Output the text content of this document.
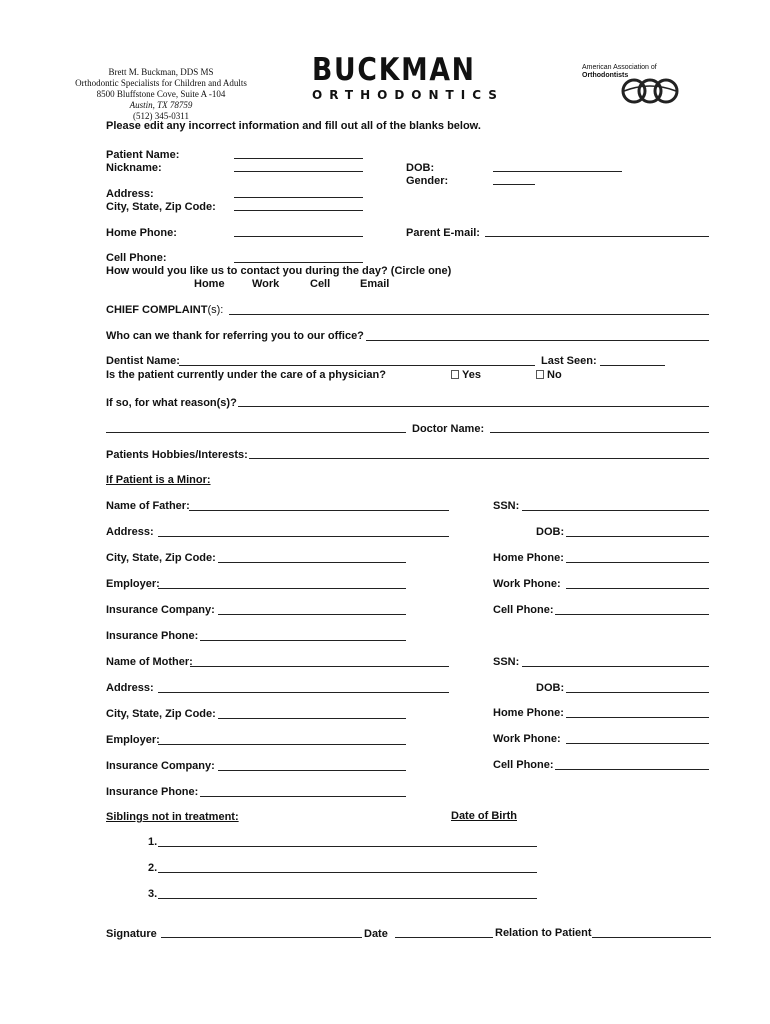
Brett M. Buckman, DDS MS
Orthodontic Specialists for Children and Adults
8500 Bluffstone Cove, Suite A -104
Austin, TX 78759
(512) 345-0311
BUCKMAN
ORTHODONTICS
American Association of
Orthodontists
Please edit any incorrect information and fill out all of the blanks below.
Patient Name:
Nickname:	DOB:
Gender:
Address:
City, State, Zip Code:
Home Phone:	Parent E-mail:
Cell Phone:
How would you like us to contact you during the day? (Circle one)
Home Work	Cell	Email
CHIEF COMPLAINT(s):
Who can we thank for referring you to our office?
Dentist Name:	Last Seen:
Is the patient currently under the care of a physician?	Yes	No
If so, for what reason(s)?
Doctor Name:
Patients Hobbies/Interests:
If Patient is a Minor:
Name of Father:	SSN:
Address:	DOB:
City, State, Zip Code:	Home Phone:
Employer:	Work Phone:
Insurance Company:	Cell Phone:
Insurance Phone:
Name of Mother:	SSN:
Address:	DOB:
City, State, Zip Code:	Home Phone:
Employer:	Work Phone:
Insurance Company:	Cell Phone:
Insurance Phone:
Siblings not in treatment:	Date of Birth
1.
2.
3.
Signature	Date	Relation to Patient
